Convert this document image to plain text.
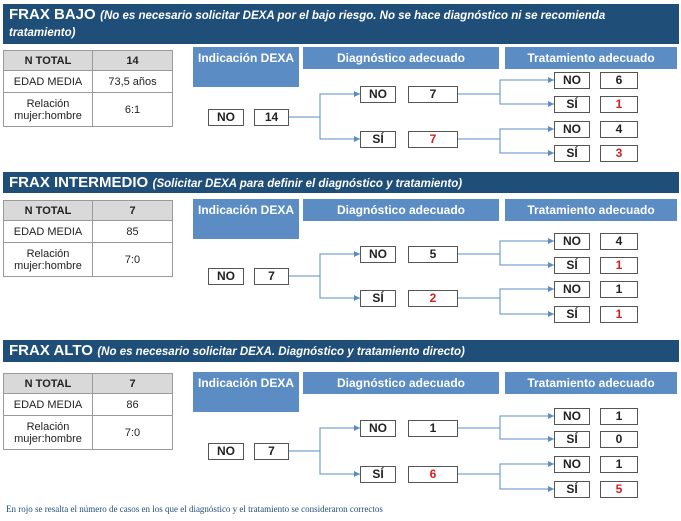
FRAX BAJO (No es necesario solicitar DEXA por el bajo riesgo. No se hace diagnóstico ni se recomienda tratamiento)
N TOTAL	14
EDAD MEDIA	73,5 años
Relación mujer:hombre	6:1
Indicación DEXA	Diagnóstico adecuado	Tratamiento adecuado
NO	14
NO	7
SÍ	7
NO	6
SÍ	1
NO	4
SÍ	3
FRAX INTERMEDIO (Solicitar DEXA para definir el diagnóstico y tratamiento)
N TOTAL	7
EDAD MEDIA	85
Relación mujer:hombre	7:0
Indicación DEXA	Diagnóstico adecuado	Tratamiento adecuado
NO	7
NO	5
SÍ	2
NO	4
SÍ	1
NO	1
SÍ	1
FRAX ALTO (No es necesario solicitar DEXA. Diagnóstico y tratamiento directo)
N TOTAL	7
EDAD MEDIA	86
Relación mujer:hombre	7:0
Indicación DEXA	Diagnóstico adecuado	Tratamiento adecuado
NO	7
NO	1
SÍ	6
NO	1
SÍ	0
NO	1
SÍ	5
En rojo se resalta el número de casos en los que el diagnóstico y el tratamiento se consideraron correctos
